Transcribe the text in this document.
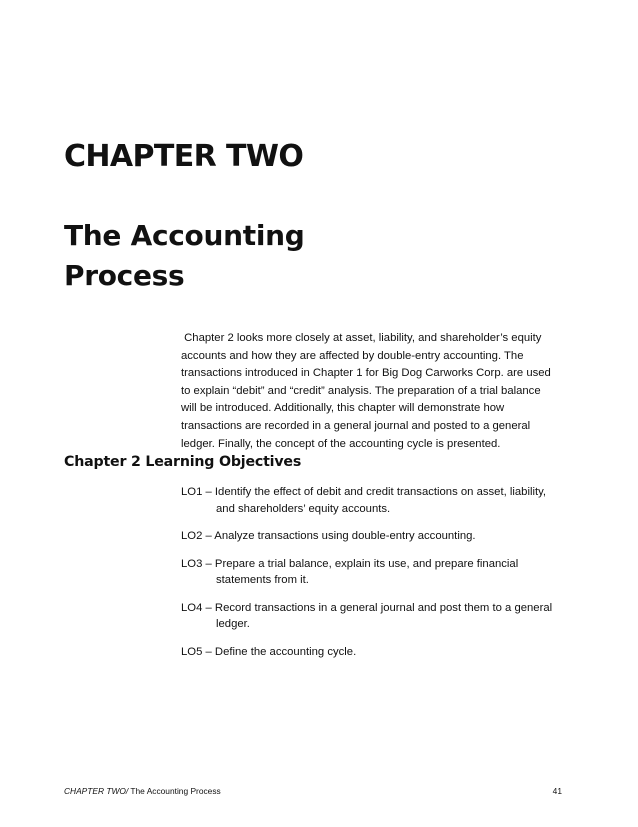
CHAPTER TWO
The Accounting
Process
Chapter 2 looks more closely at asset, liability, and shareholder’s equity
accounts and how they are affected by double-entry accounting. The
transactions introduced in Chapter 1 for Big Dog Carworks Corp. are used
to explain “debit” and “credit” analysis. The preparation of a trial balance
will be introduced. Additionally, this chapter will demonstrate how
transactions are recorded in a general journal and posted to a general
ledger. Finally, the concept of the accounting cycle is presented.
Chapter 2 Learning Objectives
LO1 – Identify the effect of debit and credit transactions on asset, liability,
and shareholders’ equity accounts.
LO2 – Analyze transactions using double-entry accounting.
LO3 – Prepare a trial balance, explain its use, and prepare financial
statements from it.
LO4 – Record transactions in a general journal and post them to a general
ledger.
LO5 – Define the accounting cycle.
CHAPTER TWO/ The Accounting Process	41
